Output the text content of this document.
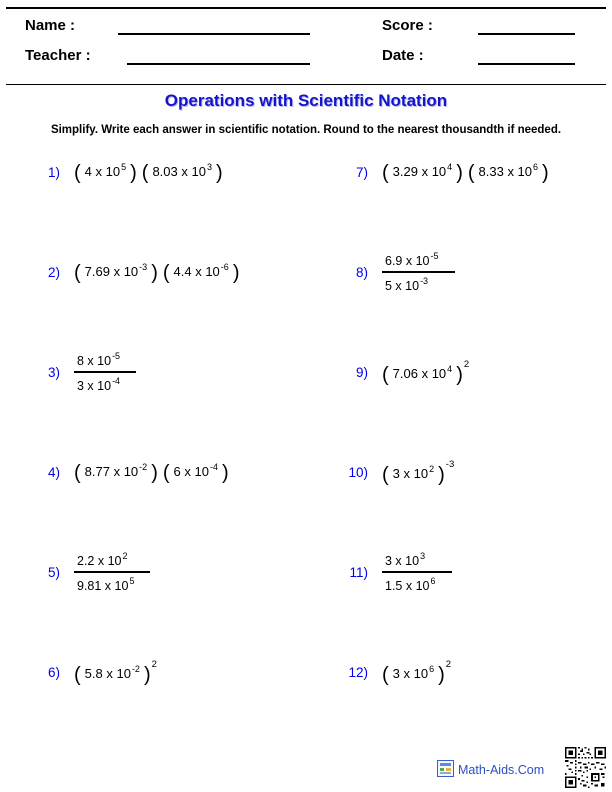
Name :	Score :
Teacher :	Date :
Operations with Scientific Notation
Simplify. Write each answer in scientific notation. Round to the nearest thousandth if needed.
1) ( 4 x $10^5$ ) ( 8.03 x $10^3$ )
2) ( 7.69 x $10^{-3}$ ) ( 4.4 x $10^{-6}$ )
$3) \frac{8 x 10^{-5}}{3 x 10^{-4}}$
4) ( 8.77 x $10^{-2}$ ) ( 6 x $10^{-4}$ )
$5) \frac{2.2 x 10^2}{9.81 x 10^5}$
6) ( 5.8 x $10^{-2}$ )$^2$
7) ( 3.29 x $10^4$ ) ( 8.33 x $10^6$ )
$8) \frac{6.9 x 10^{-5}}{5 x 10^{-3}}$
9) ( 7.06 x $10^4$ )$^2$
10) ( 3 x $10^2$ )$^{-3}$
$11) \frac{3 x 10^3}{1.5 x 10^6}$
12) ( 3 x $10^6$ )$^2$
Math-Aids.Com
